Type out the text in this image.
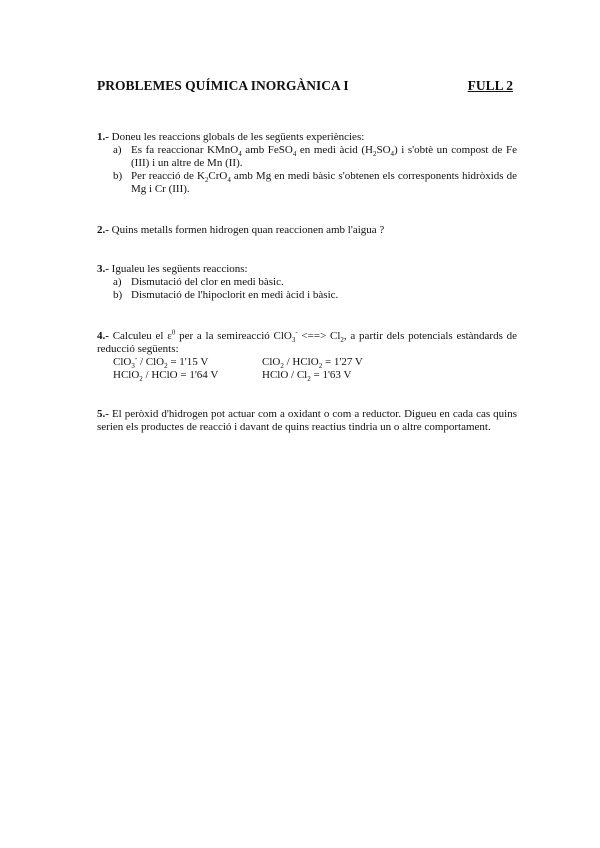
PROBLEMES QUÍMICA INORGÀNICA I	FULL 2
1.- Doneu les reaccions globals de les següents experiències:
a) Es fa reaccionar KMnO$_4$ amb FeSO$_4$ en medi àcid $(H_2SO_4)$ i s'obtè un compost de Fe (III) i un altre de Mn (II).
b) Per reacció de $K_2CrO_4$ amb Mg en medi bàsic s'obtenen els corresponents hidròxids de Mg i Cr (III).
2.- Quins metalls formen hidrogen quan reaccionen amb l'aigua ?
3.- Igualeu les següents reaccions:
a) Dismutació del clor en medi bàsic.
b) Dismutació de l'hipoclorit en medi àcid i bàsic.
4.- Calculeu el $\varepsilon^0$ per a la semireacció ClO$_3$- <==> $Cl_2$, a partir dels potencials estàndards de reducció següents:
ClO$_3$- / ClO$_2$ = 1'15 V	ClO$_2$ / HClO$_2$ = 1'27 V
HClO$_2$ / HClO = 1'64 V	HClO / $Cl_2 = 1'63$ V
5.- El peròxid d'hidrogen pot actuar com a oxidant o com a reductor. Digueu en cada cas quins serien els productes de reacció i davant de quins reactius tindria un o altre comportament.
